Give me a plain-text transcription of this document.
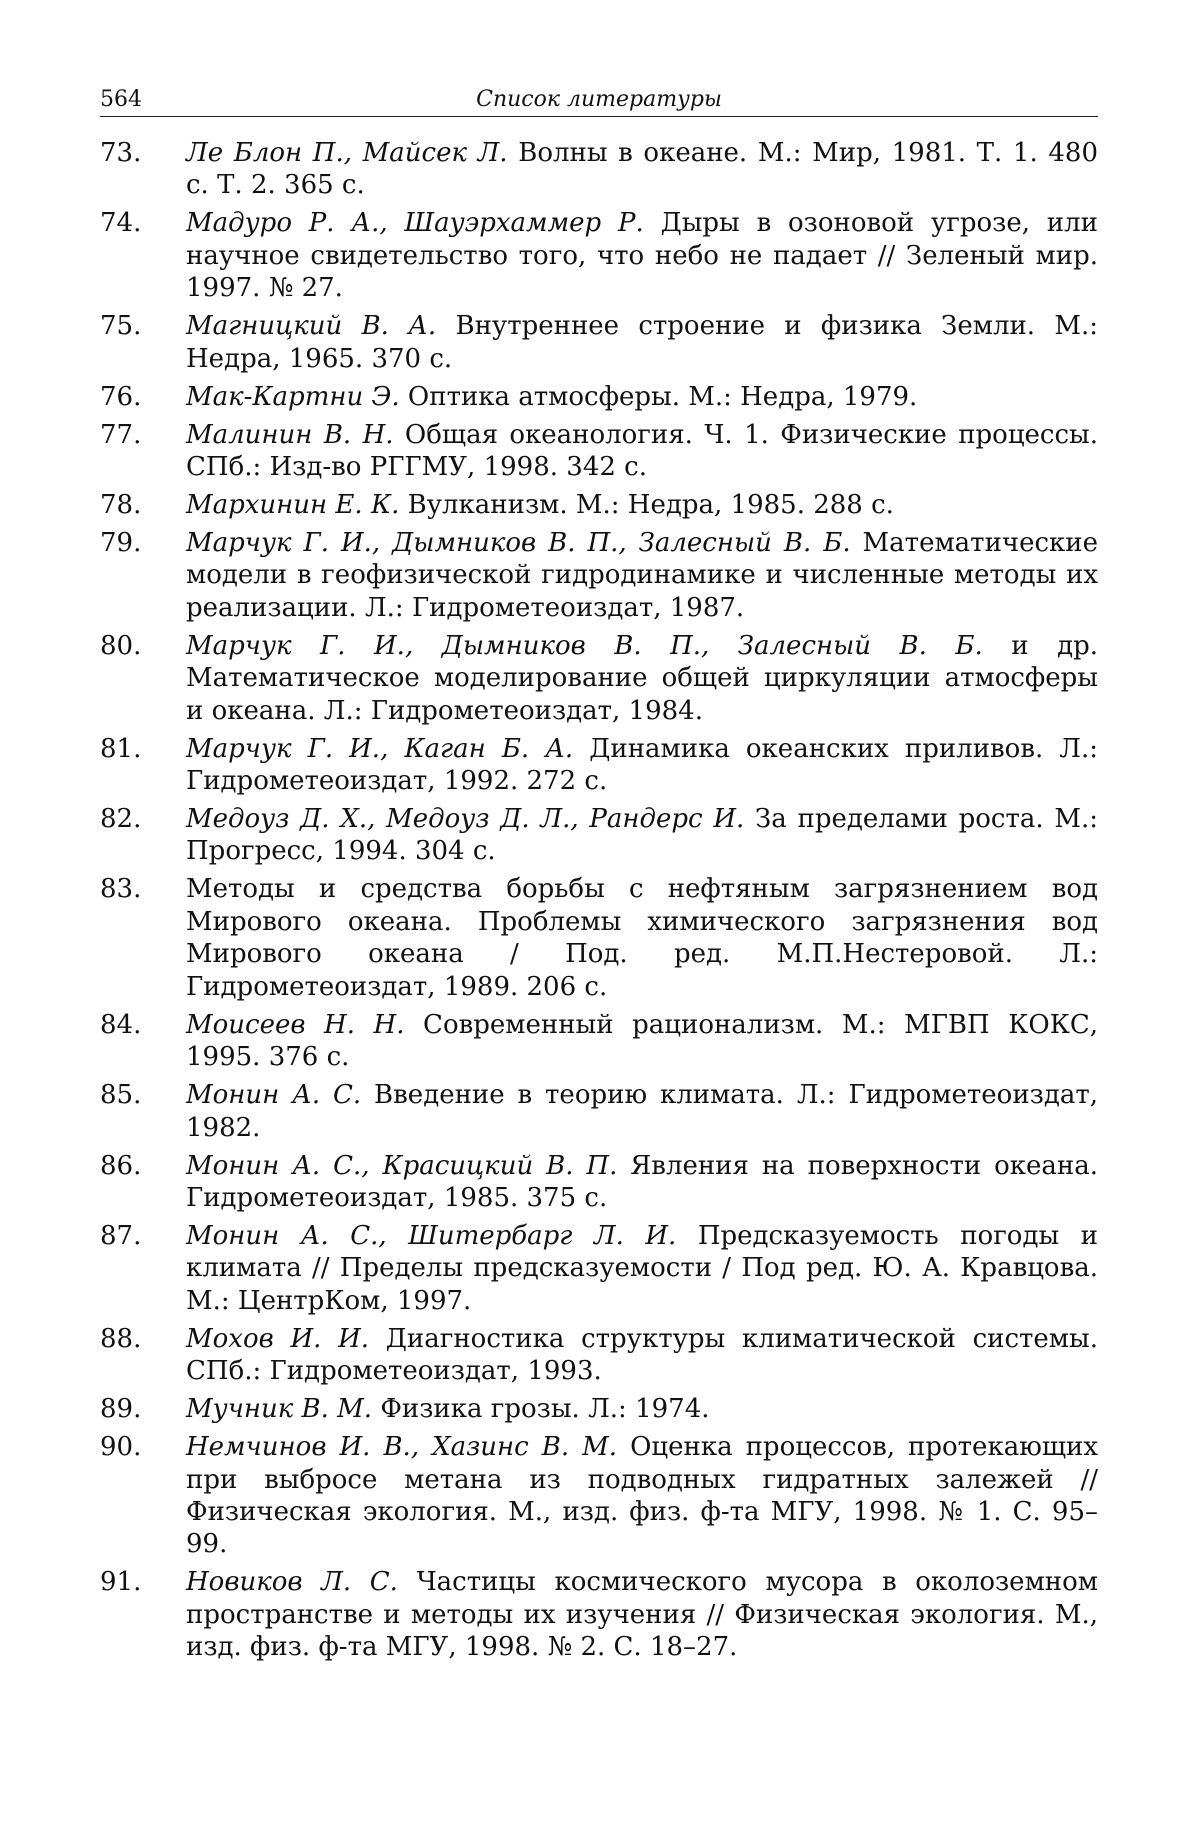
564	Список литературы
73. Ле Блон П., Майсек Л. Волны в океане. М.: Мир, 1981. Т. 1. 480 с. Т. 2. 365 с.
74. Мадуро Р. А., Шауэрхаммер Р. Дыры в озоновой угрозе, или научное свидетельство того, что небо не падает // Зеленый мир. 1997. № 27.
75. Магницкий В. А. Внутреннее строение и физика Земли. М.: Недра, 1965. 370 с.
76. Мак-Картни Э. Оптика атмосферы. М.: Недра, 1979.
77. Малинин В. Н. Общая океанология. Ч. 1. Физические процессы. СПб.: Изд-во РГГМУ, 1998. 342 с.
78. Мархинин Е. К. Вулканизм. М.: Недра, 1985. 288 с.
79. Марчук Г. И., Дымников В. П., Залесный В. Б. Математические модели в геофизической гидродинамике и численные методы их реализации. Л.: Гидрометеоиздат, 1987.
80. Марчук Г. И., Дымников В. П., Залесный В. Б. и др. Математическое моделирование общей циркуляции атмосферы и океана. Л.: Гидрометеоиздат, 1984.
81. Марчук Г. И., Каган Б. А. Динамика океанских приливов. Л.: Гидрометеоиздат, 1992. 272 с.
82. Медоуз Д. Х., Медоуз Д. Л., Рандерс И. За пределами роста. М.: Прогресс, 1994. 304 с.
83. Методы и средства борьбы с нефтяным загрязнением вод Мирового океана. Проблемы химического загрязнения вод Мирового океана / Под. ред. М.П.Нестеровой. Л.: Гидрометеоиздат, 1989. 206 с.
84. Моисеев Н. Н. Современный рационализм. М.: МГВП КОКС, 1995. 376 с.
85. Монин А. С. Введение в теорию климата. Л.: Гидрометеоиздат, 1982.
86. Монин А. С., Красицкий В. П. Явления на поверхности океана. Гидрометеоиздат, 1985. 375 с.
87. Монин А. С., Шитербарг Л. И. Предсказуемость погоды и климата // Пределы предсказуемости / Под ред. Ю. А. Кравцова. М.: ЦентрКом, 1997.
88. Мохов И. И. Диагностика структуры климатической системы. СПб.: Гидрометеоиздат, 1993.
89. Мучник В. М. Физика грозы. Л.: 1974.
90. Немчинов И. В., Хазинс В. М. Оценка процессов, протекающих при выбросе метана из подводных гидратных залежей // Физическая экология. М., изд. физ. ф-та МГУ, 1998. № 1. С. 95–99.
91. Новиков Л. С. Частицы космического мусора в околоземном пространстве и методы их изучения // Физическая экология. М., изд. физ. ф-та МГУ, 1998. № 2. С. 18–27.
